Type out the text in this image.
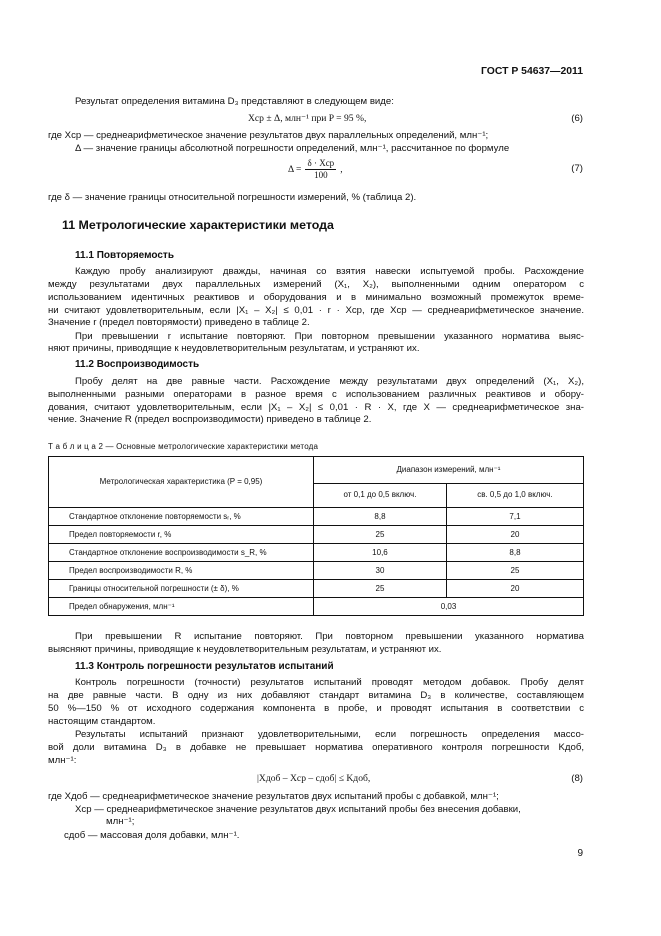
ГОСТ Р 54637—2011
Результат определения витамина D₃ представляют в следующем виде:
Xср ± Δ, млн⁻¹ при P = 95 %,	(6)
где Xср — среднеарифметическое значение результатов двух параллельных определений, млн⁻¹;
Δ — значение границы абсолютной погрешности определений, млн⁻¹, рассчитанное по формуле
$\Delta = \frac{\text{δ · Xср}}{100}$ ,	(7)
где δ — значение границы относительной погрешности измерений, % (таблица 2).
11 Метрологические характеристики метода
11.1 Повторяемость
Каждую пробу анализируют дважды, начиная со взятия навески испытуемой пробы. Расхождение
между результатами двух параллельных измерений (X₁, X₂), выполненными одним оператором с
использованием идентичных реактивов и оборудования и в минимально возможный промежуток време-
ни считают удовлетворительным, если |X₁ – X₂| ≤ 0,01 · r · Xср, где Xср — среднеарифметическое значение.
Значение r (предел повторямости) приведено в таблице 2.
При превышении r испытание повторяют. При повторном превышении указанного норматива выяс-
няют причины, приводящие к неудовлетворительным результатам, и устраняют их.
11.2 Воспроизводимость
Пробу делят на две равные части. Расхождение между результатами двух определений (X₁, X₂),
выполненными разными операторами в разное время с использованием различных реактивов и обору-
дования, считают удовлетворительным, если |X₁ – X₂| ≤ 0,01 · R · X, где X — среднеарифметическое зна-
чение. Значение R (предел воспроизводимости) приведено в таблице 2.
Т а б л и ц а 2 — Основные метрологические характеристики метода
Метрологическая характеристика (P = 0,95)	Диапазон измерений, млн⁻¹	
	от 0,1 до 0,5 включ.	св. 0,5 до 1,0 включ.
Стандартное отклонение повторяемости sᵣ, %	8,8	7,1
Предел повторяемости r, %	25	20
Стандартное отклонение воспроизводимости s_R, %	10,6	8,8
Предел воспроизводимости R, %	30	25
Границы относительной погрешности (± δ), %	25	20
Предел обнаружения, млн⁻¹	0,03	
При превышении R испытание повторяют. При повторном превышении указанного норматива
выясняют причины, приводящие к неудовлетворительным результатам, и устраняют их.
11.3 Контроль погрешности результатов испытаний
Контроль погрешности (точности) результатов испытаний проводят методом добавок. Пробу делят
на две равные части. В одну из них добавляют стандарт витамина D₃ в количестве, составляющем
50 %—150 % от исходного содержания компонента в пробе, и проводят испытания в соответствии с
настоящим стандартом.
Результаты испытаний признают удовлетворительными, если погрешность определения массо-
вой доли витамина D₃ в добавке не превышает норматива оперативного контроля погрешности Kдоб,
млн⁻¹:
|Xдоб – Xср – cдоб| ≤ Kдоб,	(8)
где Xдоб — среднеарифметическое значение результатов двух испытаний пробы с добавкой, млн⁻¹;
Xср — среднеарифметическое значение результатов двух испытаний пробы без внесения добавки,
млн⁻¹;
cдоб — массовая доля добавки, млн⁻¹.
9
